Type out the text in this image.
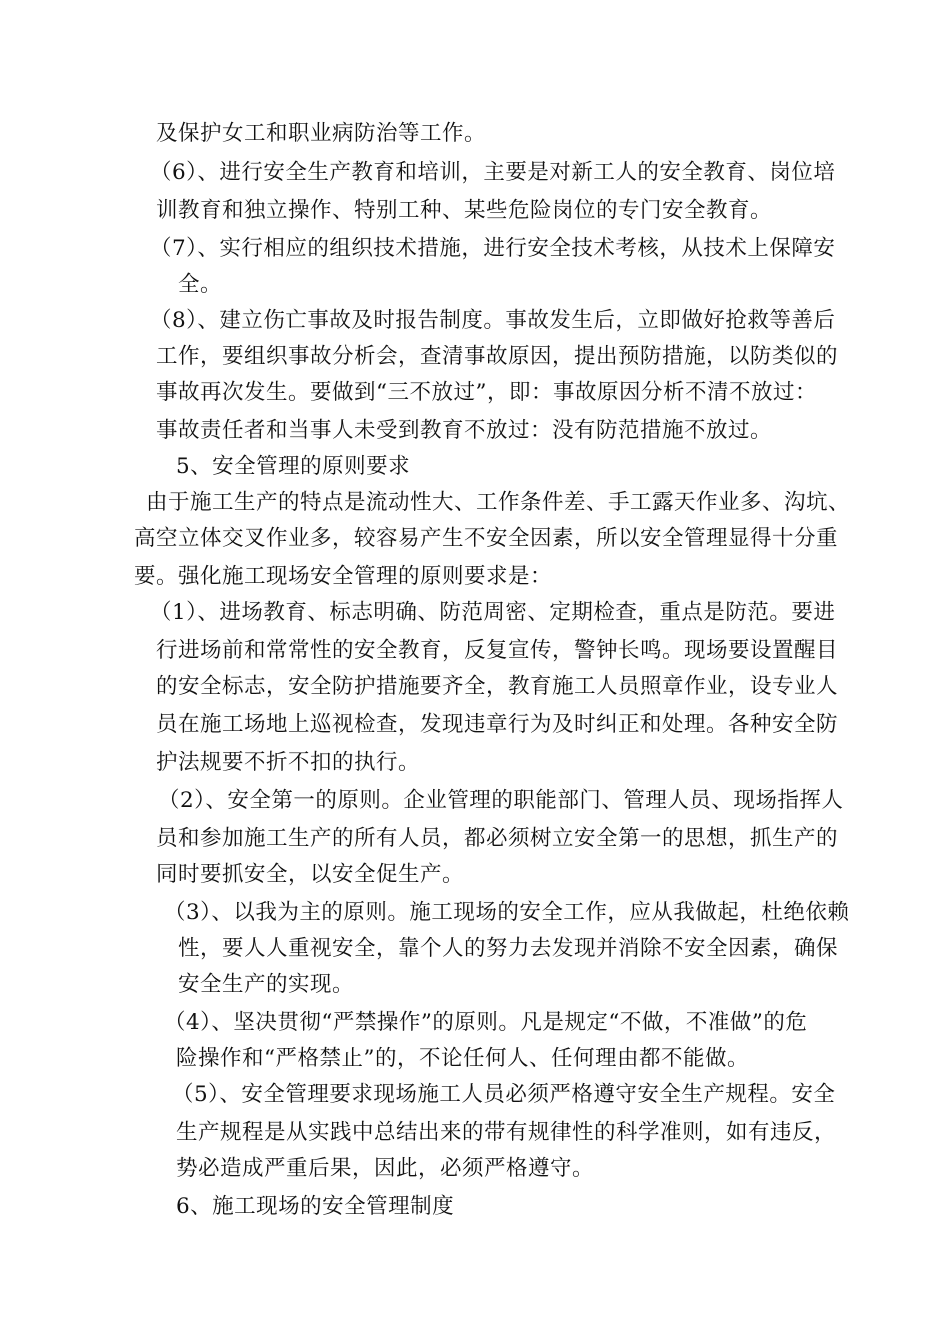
及保护女工和职业病防治等工作。
（6）、进行安全生产教育和培训，主要是对新工人的安全教育、岗位培
训教育和独立操作、特别工种、某些危险岗位的专门安全教育。
（7）、实行相应的组织技术措施，进行安全技术考核，从技术上保障安
全。
（8）、建立伤亡事故及时报告制度。事故发生后，立即做好抢救等善后
工作，要组织事故分析会，查清事故原因，提出预防措施，以防类似的
事故再次发生。要做到“三不放过”，即：事故原因分析不清不放过：
事故责任者和当事人未受到教育不放过：没有防范措施不放过。
5、安全管理的原则要求
由于施工生产的特点是流动性大、工作条件差、手工露天作业多、沟坑、
高空立体交叉作业多，较容易产生不安全因素，所以安全管理显得十分重
要。强化施工现场安全管理的原则要求是：
（1）、进场教育、标志明确、防范周密、定期检查，重点是防范。要进
行进场前和常常性的安全教育，反复宣传，警钟长鸣。现场要设置醒目
的安全标志，安全防护措施要齐全，教育施工人员照章作业，设专业人
员在施工场地上巡视检查，发现违章行为及时纠正和处理。各种安全防
护法规要不折不扣的执行。
（2）、安全第一的原则。企业管理的职能部门、管理人员、现场指挥人
员和参加施工生产的所有人员，都必须树立安全第一的思想，抓生产的
同时要抓安全，以安全促生产。
（3）、以我为主的原则。施工现场的安全工作，应从我做起，杜绝依赖
性，要人人重视安全，靠个人的努力去发现并消除不安全因素，确保
安全生产的实现。
（4）、坚决贯彻“严禁操作”的原则。凡是规定“不做，不准做”的危
险操作和“严格禁止”的，不论任何人、任何理由都不能做。
（5）、安全管理要求现场施工人员必须严格遵守安全生产规程。安全
生产规程是从实践中总结出来的带有规律性的科学准则，如有违反，
势必造成严重后果，因此，必须严格遵守。
6、施工现场的安全管理制度
